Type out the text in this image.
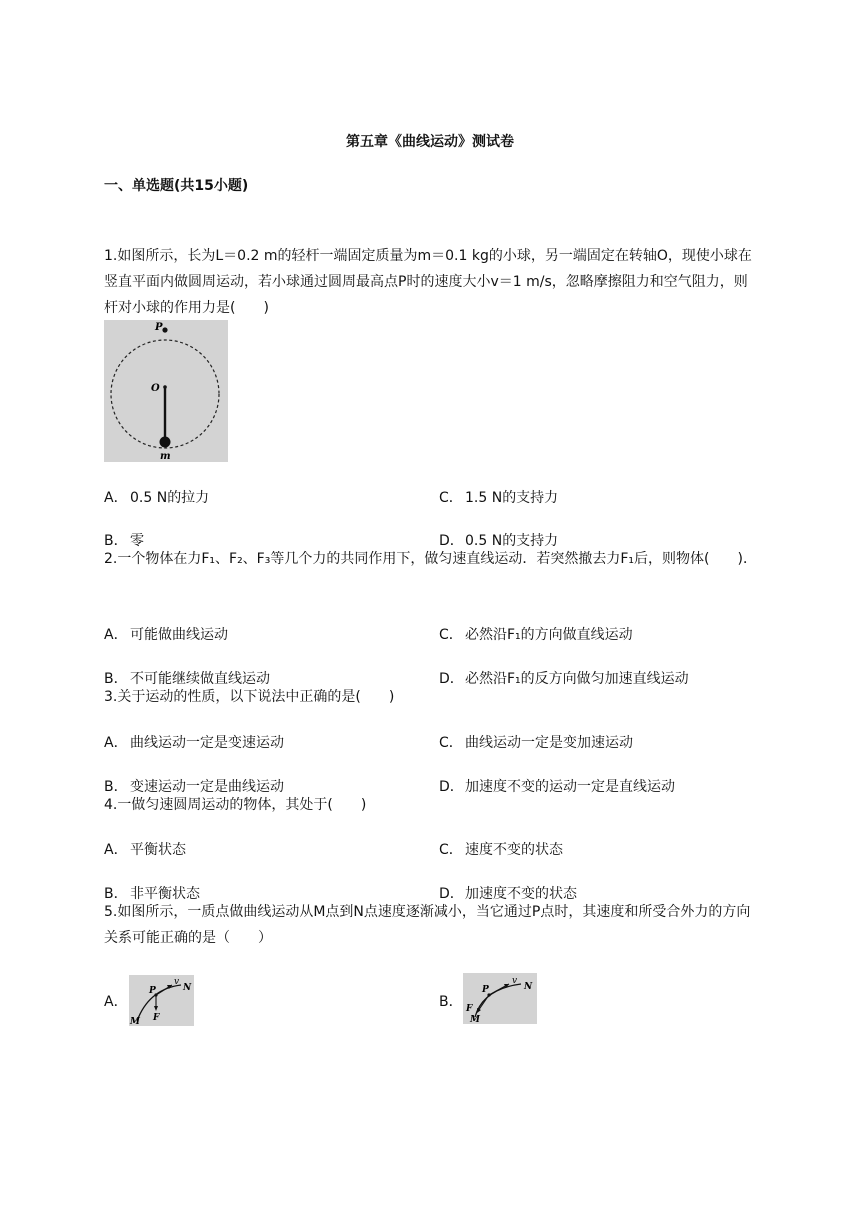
第五章《曲线运动》测试卷
一、单选题(共15小题)

1.如图所示，长为L＝0.2 m的轻杆一端固定质量为m＝0.1 kg的小球，另一端固定在转轴O，现使小球在竖直平面内做圆周运动，若小球通过圆周最高点P时的速度大小v＝1 m/s，忽略摩擦阻力和空气阻力，则杆对小球的作用力是(　　)

P
O
m
A． 0.5 N的拉力	C． 1.5 N的支持力
B． 零	D．0.5 N的支持力

2.一个物体在力F₁、F₂、F₃等几个力的共同作用下，做匀速直线运动．若突然撤去力F₁后，则物体(　　)．

A． 可能做曲线运动	C． 必然沿F₁的方向做直线运动
B． 不可能继续做直线运动	D．必然沿F₁的反方向做匀加速直线运动

3.关于运动的性质，以下说法中正确的是(　　)

A． 曲线运动一定是变速运动	C． 曲线运动一定是变加速运动
B． 变速运动一定是曲线运动	D．加速度不变的运动一定是直线运动

4.一做匀速圆周运动的物体，其处于(　　)

A． 平衡状态	C． 速度不变的状态
B． 非平衡状态	D．加速度不变的状态

5.如图所示，一质点做曲线运动从M点到N点速度逐渐减小，当它通过P点时，其速度和所受合外力的方向关系可能正确的是（　　）

A．
P
v
N
M F
B．
P
v
N
F
M
